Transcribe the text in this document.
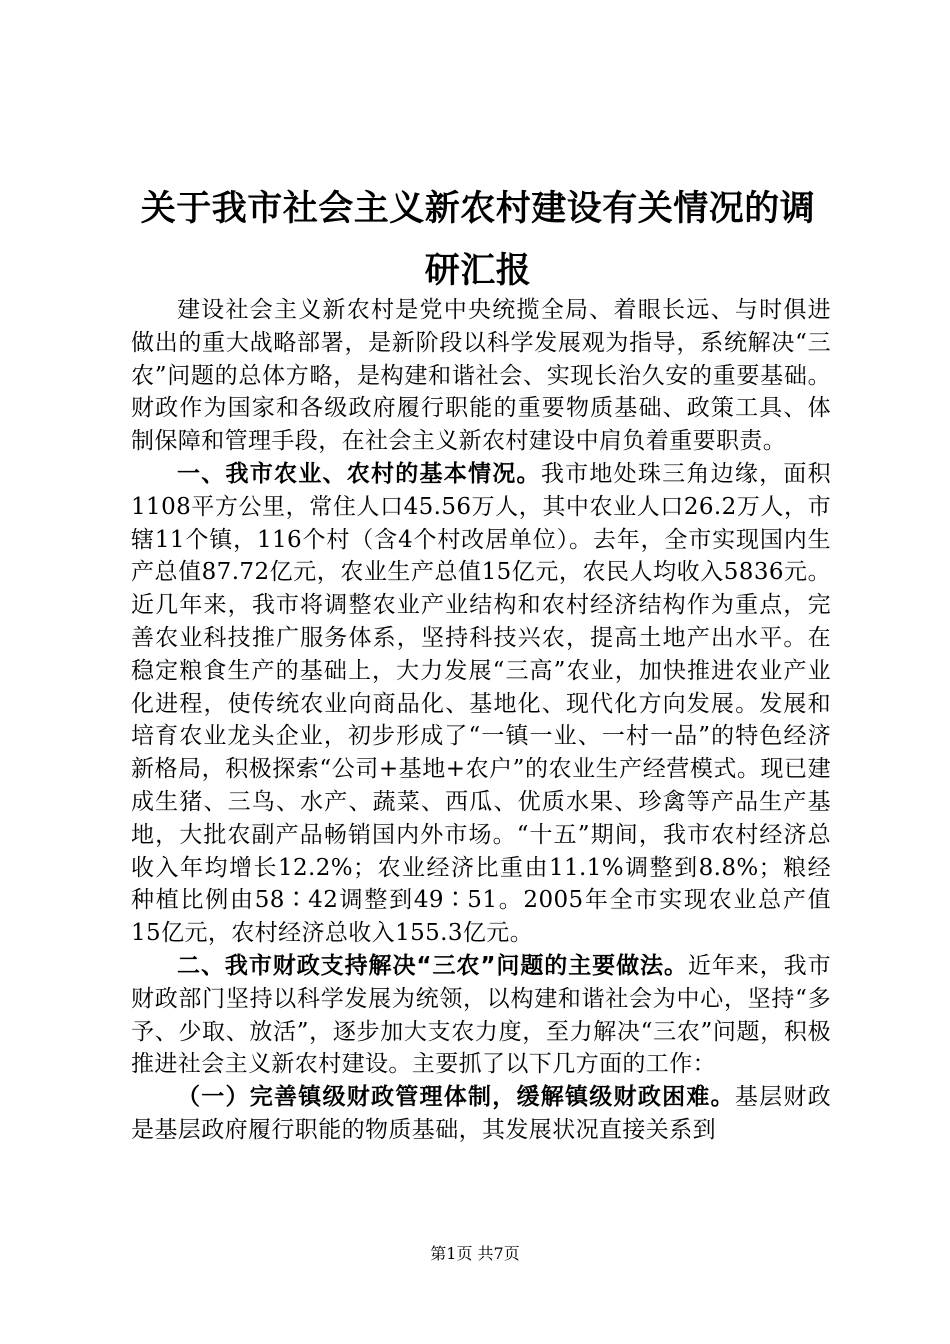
关于我市社会主义新农村建设有关情况的调研汇报

建设社会主义新农村是党中央统揽全局、着眼长远、与时俱进做出的重大战略部署，是新阶段以科学发展观为指导，系统解决“三农”问题的总体方略，是构建和谐社会、实现长治久安的重要基础。财政作为国家和各级政府履行职能的重要物质基础、政策工具、体制保障和管理手段，在社会主义新农村建设中肩负着重要职责。

一、我市农业、农村的基本情况。我市地处珠三角边缘，面积1108平方公里，常住人口45.56万人，其中农业人口26.2万人，市辖11个镇，116个村（含4个村改居单位）。去年，全市实现国内生产总值87.72亿元，农业生产总值15亿元，农民人均收入5836元。近几年来，我市将调整农业产业结构和农村经济结构作为重点，完善农业科技推广服务体系，坚持科技兴农，提高土地产出水平。在稳定粮食生产的基础上，大力发展“三高”农业，加快推进农业产业化进程，使传统农业向商品化、基地化、现代化方向发展。发展和培育农业龙头企业，初步形成了“一镇一业、一村一品”的特色经济新格局，积极探索“公司+基地+农户”的农业生产经营模式。现已建成生猪、三鸟、水产、蔬菜、西瓜、优质水果、珍禽等产品生产基地，大批农副产品畅销国内外市场。“十五”期间，我市农村经济总收入年均增长12.2%；农业经济比重由11.1%调整到8.8%；粮经种植比例由58∶42调整到49∶51。2005年全市实现农业总产值15亿元，农村经济总收入155.3亿元。

二、我市财政支持解决“三农”问题的主要做法。近年来，我市财政部门坚持以科学发展为统领，以构建和谐社会为中心，坚持“多予、少取、放活”，逐步加大支农力度，至力解决“三农”问题，积极推进社会主义新农村建设。主要抓了以下几方面的工作：

（一）完善镇级财政管理体制，缓解镇级财政困难。基层财政是基层政府履行职能的物质基础，其发展状况直接关系到

第1页 共7页
